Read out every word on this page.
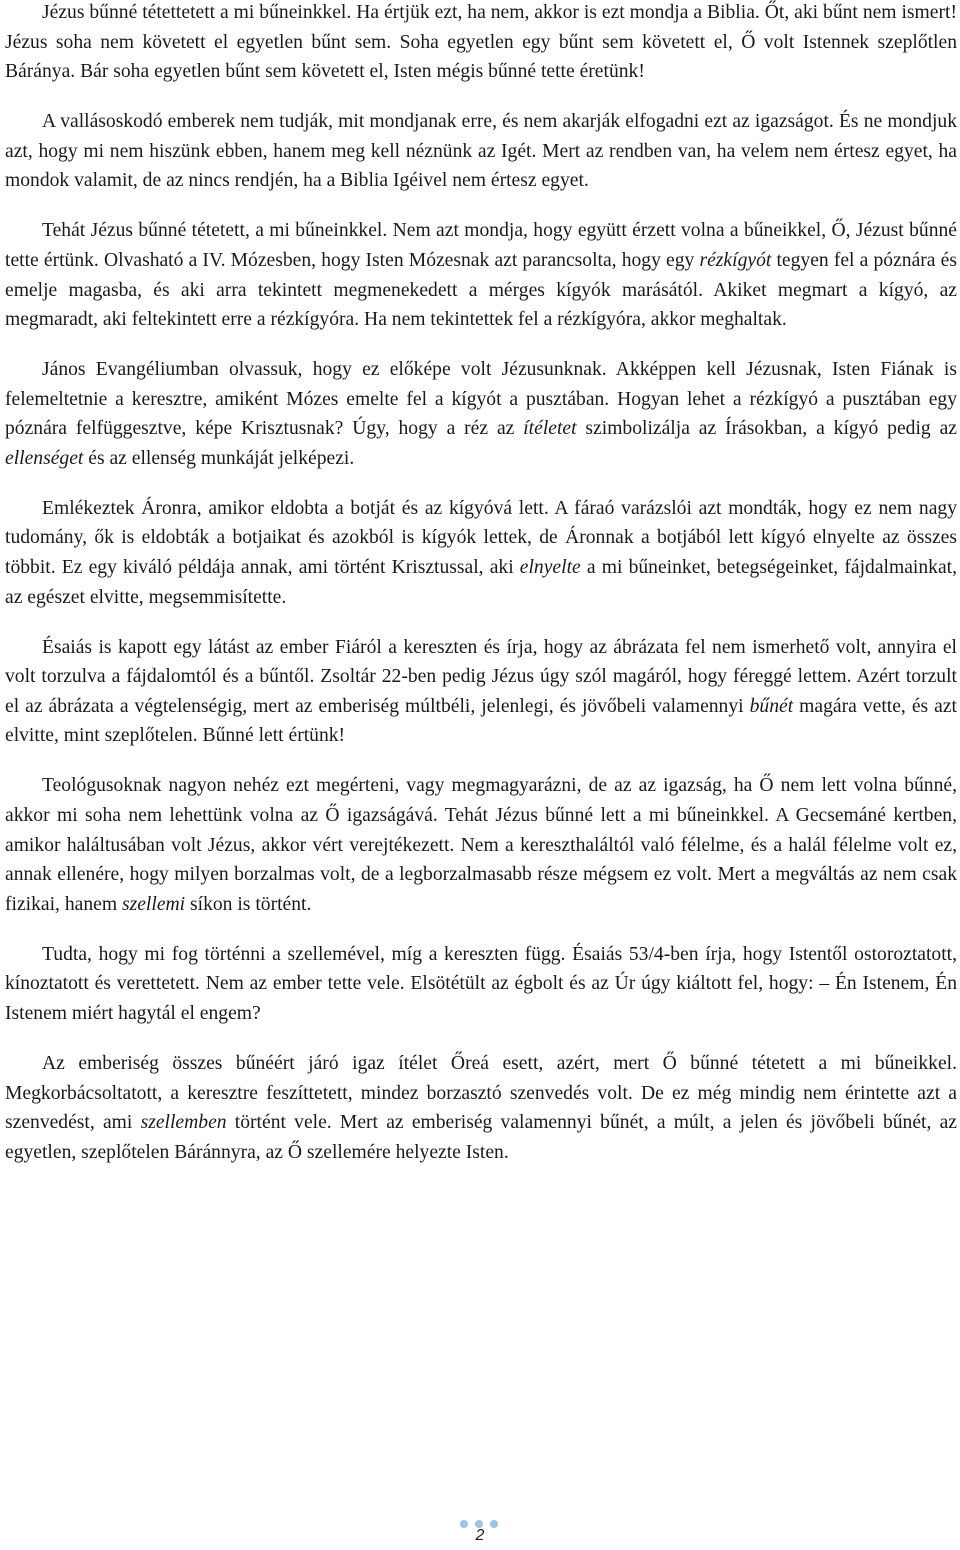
Jézus bűnné tétettetett a mi bűneinkkel. Ha értjük ezt, ha nem, akkor is ezt mondja a Biblia. Őt, aki bűnt nem ismert! Jézus soha nem követett el egyetlen bűnt sem. Soha egyetlen egy bűnt sem követett el, Ő volt Istennek szeplőtlen Báránya. Bár soha egyetlen bűnt sem követett el, Isten mégis bűnné tette éretünk!

A vallásoskodó emberek nem tudják, mit mondjanak erre, és nem akarják elfogadni ezt az igazságot. És ne mondjuk azt, hogy mi nem hiszünk ebben, hanem meg kell néznünk az Igét. Mert az rendben van, ha velem nem értesz egyet, ha mondok valamit, de az nincs rendjén, ha a Biblia Igéivel nem értesz egyet.

Tehát Jézus bűnné tétetett, a mi bűneinkkel. Nem azt mondja, hogy együtt érzett volna a bűneikkel, Ő, Jézust bűnné tette értünk. Olvasható a IV. Mózesben, hogy Isten Mózesnak azt parancsolta, hogy egy rézkígyót tegyen fel a póznára és emelje magasba, és aki arra tekintett megmenekedett a mérges kígyók marásától. Akiket megmart a kígyó, az megmaradt, aki feltekintett erre a rézkígyóra. Ha nem tekintettek fel a rézkígyóra, akkor meghaltak.

János Evangéliumban olvassuk, hogy ez előképe volt Jézusunknak. Akképpen kell Jézusnak, Isten Fiának is felemeltetnie a keresztre, amiként Mózes emelte fel a kígyót a pusztában. Hogyan lehet a rézkígyó a pusztában egy póznára felfüggesztve, képe Krisztusnak? Úgy, hogy a réz az ítéletet szimbolizálja az Írásokban, a kígyó pedig az ellenséget és az ellenség munkáját jelképezi.

Emlékeztek Áronra, amikor eldobta a botját és az kígyóvá lett. A fáraó varázslói azt mondták, hogy ez nem nagy tudomány, ők is eldobták a botjaikat és azokból is kígyók lettek, de Áronnak a botjából lett kígyó elnyelte az összes többit. Ez egy kiváló példája annak, ami történt Krisztussal, aki elnyelte a mi bűneinket, betegségeinket, fájdalmainkat, az egészet elvitte, megsemmisítette.

Ésaiás is kapott egy látást az ember Fiáról a kereszten és írja, hogy az ábrázata fel nem ismerhető volt, annyira el volt torzulva a fájdalomtól és a bűntől. Zsoltár 22-ben pedig Jézus úgy szól magáról, hogy féreggé lettem. Azért torzult el az ábrázata a végtelenségig, mert az emberiség múltbéli, jelenlegi, és jövőbeli valamennyi bűnét magára vette, és azt elvitte, mint szeplőtelen. Bűnné lett értünk!

Teológusoknak nagyon nehéz ezt megérteni, vagy megmagyarázni, de az az igazság, ha Ő nem lett volna bűnné, akkor mi soha nem lehettünk volna az Ő igazságává. Tehát Jézus bűnné lett a mi bűneinkkel. A Gecsemáné kertben, amikor haláltusában volt Jézus, akkor vért verejtékezett. Nem a kereszthaláltól való félelme, és a halál félelme volt ez, annak ellenére, hogy milyen borzalmas volt, de a legborzalmasabb része mégsem ez volt. Mert a megváltás az nem csak fizikai, hanem szellemi síkon is történt.

Tudta, hogy mi fog történni a szellemével, míg a kereszten függ. Ésaiás 53/4-ben írja, hogy Istentől ostoroztatott, kínoztatott és verettetett. Nem az ember tette vele. Elsötétült az égbolt és az Úr úgy kiáltott fel, hogy: – Én Istenem, Én Istenem miért hagytál el engem?

Az emberiség összes bűnéért járó igaz ítélet Őreá esett, azért, mert Ő bűnné tétetett a mi bűneikkel. Megkorbácsoltatott, a keresztre feszíttetett, mindez borzasztó szenvedés volt. De ez még mindig nem érintette azt a szenvedést, ami szellemben történt vele. Mert az emberiség valamennyi bűnét, a múlt, a jelen és jövőbeli bűnét, az egyetlen, szeplőtelen Báránnyra, az Ő szellemére helyezte Isten.

2
